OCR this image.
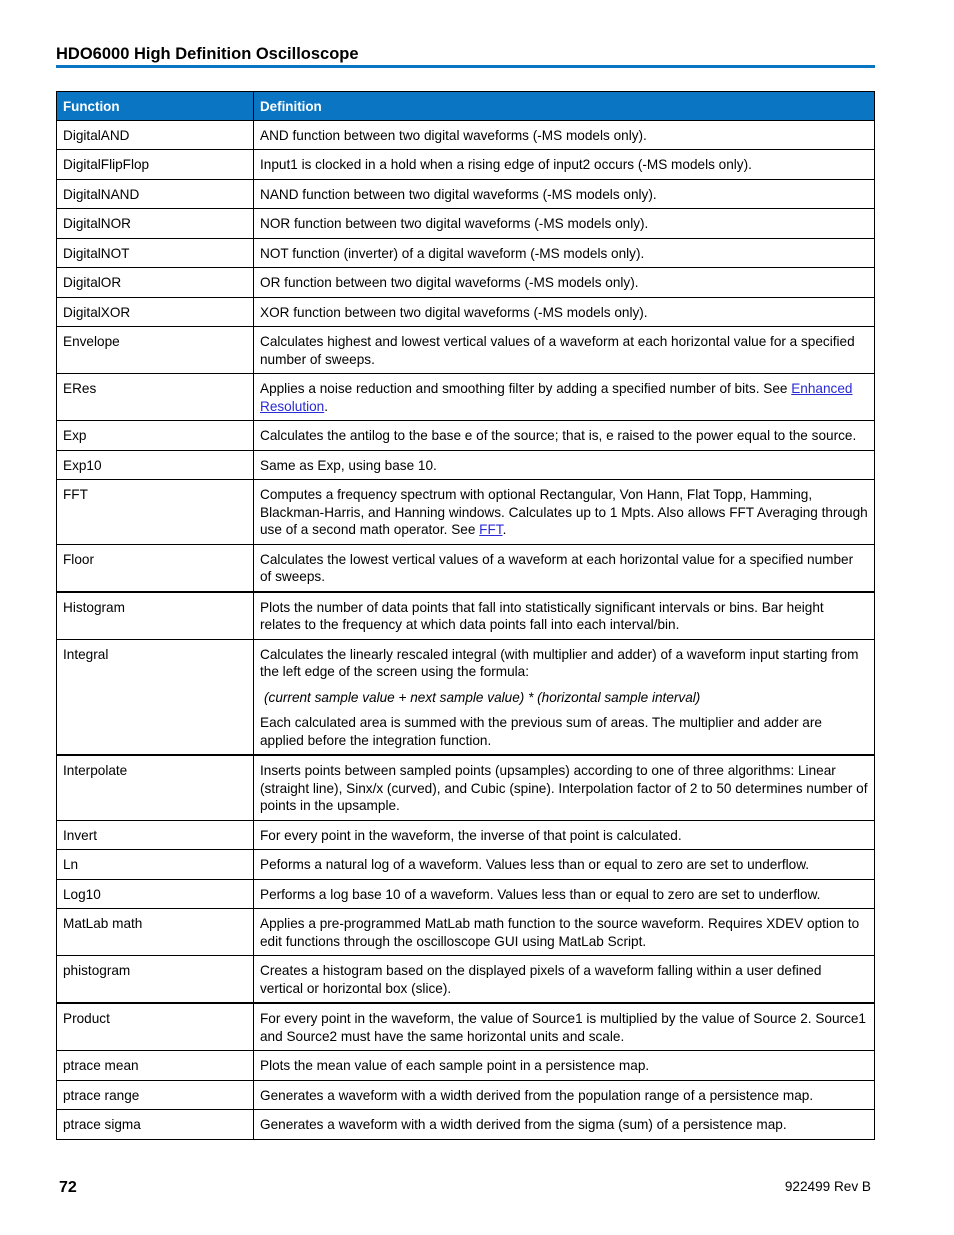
HDO6000 High Definition Oscilloscope
Function	Definition
DigitalAND	AND function between two digital waveforms (-MS models only).

DigitalFlipFlop	Input1 is clocked in a hold when a rising edge of input2 occurs (-MS models only).

DigitalNAND	NAND function between two digital waveforms (-MS models only).

DigitalNOR	NOR function between two digital waveforms (-MS models only).

DigitalNOT	NOT function (inverter) of a digital waveform (-MS models only).

DigitalOR	OR function between two digital waveforms (-MS models only).

DigitalXOR	XOR function between two digital waveforms (-MS models only).

Envelope	Calculates highest and lowest vertical values of a waveform at each horizontal value for a specified number of sweeps.

ERes	Applies a noise reduction and smoothing filter by adding a specified number of bits. See Enhanced Resolution.

Exp	Calculates the antilog to the base e of the source; that is, e raised to the power equal to the source.

Exp10	Same as Exp, using base 10.

FFT	Computes a frequency spectrum with optional Rectangular, Von Hann, Flat Topp, Hamming, Blackman-Harris, and Hanning windows. Calculates up to 1 Mpts. Also allows FFT Averaging through use of a second math operator. See FFT.

Floor	Calculates the lowest vertical values of a waveform at each horizontal value for a specified number of sweeps.

Histogram	Plots the number of data points that fall into statistically significant intervals or bins. Bar height relates to the frequency at which data points fall into each interval/bin.

Integral	Calculates the linearly rescaled integral (with multiplier and adder) of a waveform input starting from the left edge of the screen using the formula:

(current sample value + next sample value) * (horizontal sample interval)

Each calculated area is summed with the previous sum of areas. The multiplier and adder are applied before the integration function.

Interpolate	Inserts points between sampled points (upsamples) according to one of three algorithms: Linear (straight line), Sinx/x (curved), and Cubic (spine). Interpolation factor of 2 to 50 determines number of points in the upsample.

Invert	For every point in the waveform, the inverse of that point is calculated.

Ln	Peforms a natural log of a waveform. Values less than or equal to zero are set to underflow.

Log10	Performs a log base 10 of a waveform. Values less than or equal to zero are set to underflow.

MatLab math	Applies a pre-programmed MatLab math function to the source waveform. Requires XDEV option to edit functions through the oscilloscope GUI using MatLab Script.

phistogram	Creates a histogram based on the displayed pixels of a waveform falling within a user defined vertical or horizontal box (slice).

Product	For every point in the waveform, the value of Source1 is multiplied by the value of Source 2. Source1 and Source2 must have the same horizontal units and scale.

ptrace mean	Plots the mean value of each sample point in a persistence map.

ptrace range	Generates a waveform with a width derived from the population range of a persistence map.

ptrace sigma	Generates a waveform with a width derived from the sigma (sum) of a persistence map.

72	922499 Rev B
